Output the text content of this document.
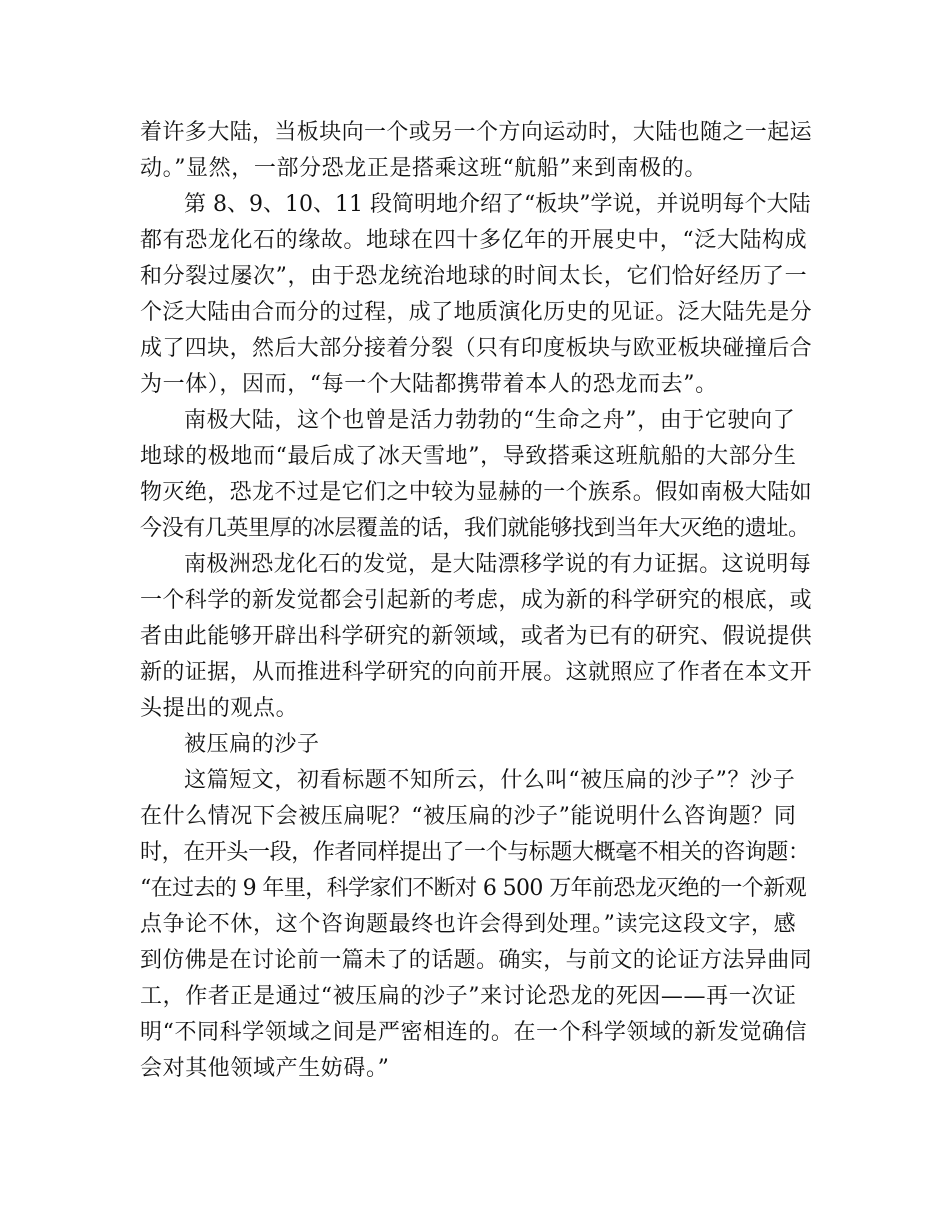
着许多大陆，当板块向一个或另一个方向运动时，大陆也随之一起运
动。”显然，一部分恐龙正是搭乘这班“航船”来到南极的。
第 8、9、10、11 段简明地介绍了“板块”学说，并说明每个大陆
都有恐龙化石的缘故。地球在四十多亿年的开展史中，“泛大陆构成
和分裂过屡次”，由于恐龙统治地球的时间太长，它们恰好经历了一
个泛大陆由合而分的过程，成了地质演化历史的见证。泛大陆先是分
成了四块，然后大部分接着分裂（只有印度板块与欧亚板块碰撞后合
为一体），因而，“每一个大陆都携带着本人的恐龙而去”。
南极大陆，这个也曾是活力勃勃的“生命之舟”，由于它驶向了
地球的极地而“最后成了冰天雪地”，导致搭乘这班航船的大部分生
物灭绝，恐龙不过是它们之中较为显赫的一个族系。假如南极大陆如
今没有几英里厚的冰层覆盖的话，我们就能够找到当年大灭绝的遗址。
南极洲恐龙化石的发觉，是大陆漂移学说的有力证据。这说明每
一个科学的新发觉都会引起新的考虑，成为新的科学研究的根底，或
者由此能够开辟出科学研究的新领域，或者为已有的研究、假说提供
新的证据，从而推进科学研究的向前开展。这就照应了作者在本文开
头提出的观点。
被压扁的沙子
这篇短文，初看标题不知所云，什么叫“被压扁的沙子”？沙子
在什么情况下会被压扁呢？“被压扁的沙子”能说明什么咨询题？同
时，在开头一段，作者同样提出了一个与标题大概毫不相关的咨询题：
“在过去的 9 年里，科学家们不断对 6 500 万年前恐龙灭绝的一个新观
点争论不休，这个咨询题最终也许会得到处理。”读完这段文字，感
到仿佛是在讨论前一篇未了的话题。确实，与前文的论证方法异曲同
工，作者正是通过“被压扁的沙子”来讨论恐龙的死因——再一次证
明“不同科学领域之间是严密相连的。在一个科学领域的新发觉确信
会对其他领域产生妨碍。”
